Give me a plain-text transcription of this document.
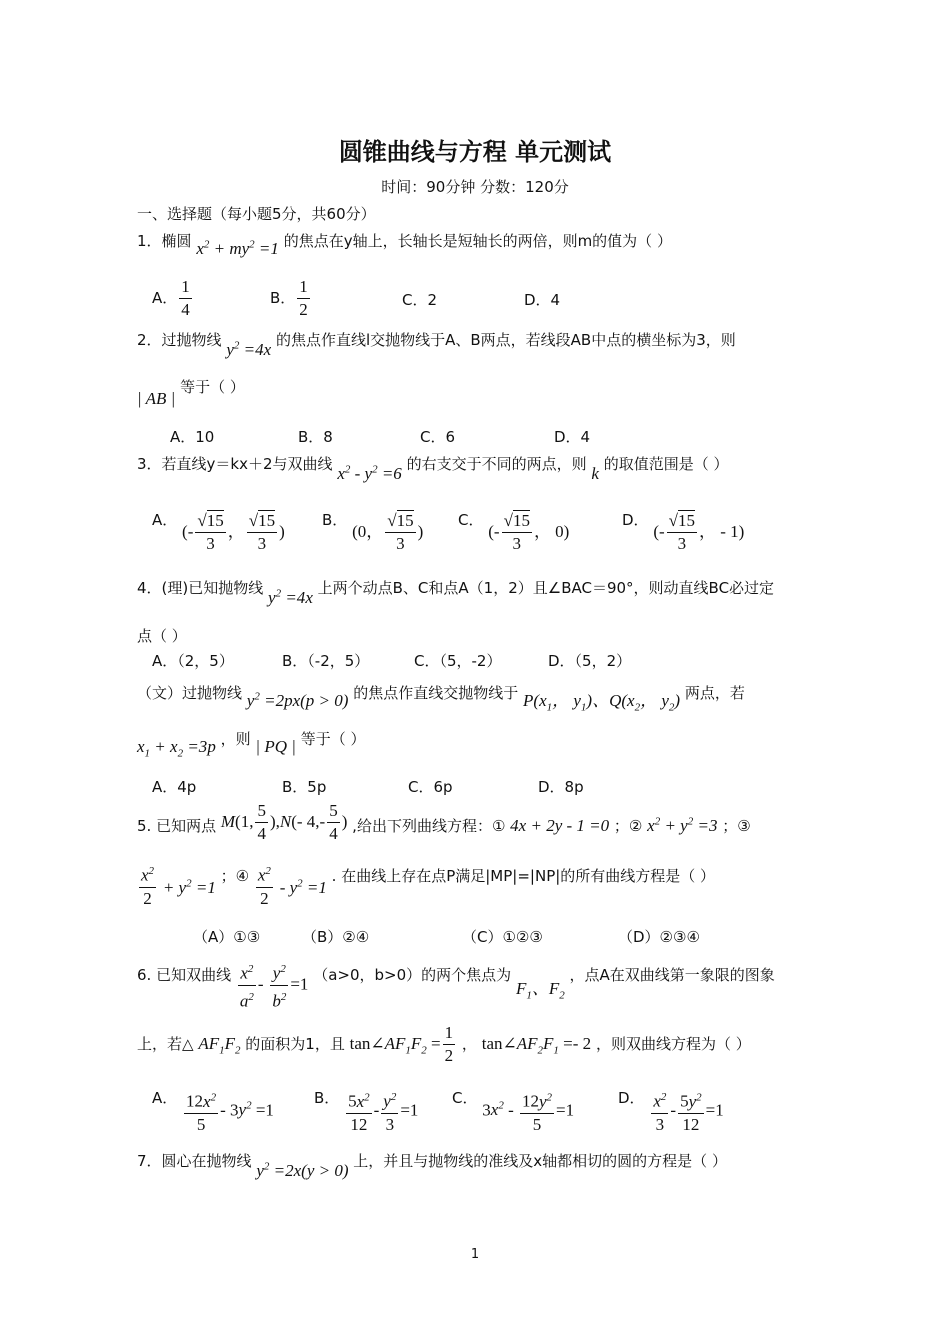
圆锥曲线与方程 单元测试
时间：90分钟 分数：120分
一、选择题（每小题5分，共60分）
1．椭圆 $x^2 + my^2 =1$ 的焦点在y轴上，长轴长是短轴长的两倍，则m的值为（ ）
A． $\frac{1}{4}$	B． $\frac{1}{2}$	C．2	D．4
2．过抛物线 $y^2 =4x$ 的焦点作直线l交抛物线于A、B两点，若线段AB中点的横坐标为3，则
| AB | 等于（ ）
A．10	B．8	C．6	D．4
3．若直线y＝kx＋2与双曲线 $x^2 - y^2 =6$ 的右支交于不同的两点，则 k 的取值范围是（ ）
A． (- $\frac{√15}{3}$ ， $\frac{√15}{3}$ )
B． (0， $\frac{√15}{3}$ )
C． (- $\frac{√15}{3}$ ， 0)
D． (- $\frac{√15}{3}$ ， - 1)
4．(理)已知抛物线 $y^2 =4x$ 上两个动点B、C和点A（1，2）且∠BAC＝90°，则动直线BC必过定
点（ ）
A．（2，5）	B．（-2，5）	C．（5，-2）	D．（5，2）
（文）过抛物线 $y^2 =2px(p > 0)$ 的焦点作直线交抛物线于 $P(x_1$， $y_1$)、$Q(x_2$， $y_2$) 两点，若
$x_1 + x_2 =3p$ ，则 | PQ | 等于（ ）
A．4p	B．5p	C．6p	D．8p
5. 已知两点 M(1, $\frac{5}{4} ),N(-$ $4,- \frac{5}{4}$ ) ,给出下列曲线方程：① 4x + 2y - 1 =0 ；② $x^2 + y^2 =3$ ；③
$\frac{x^2}{2} + y^2 =1$ ；④ $\frac{x^2}{2} - y^2 =1$ . 在曲线上存在点P满足|MP|=|NP|的所有曲线方程是（ ）
（A）①③	（B）②④	（C）①②③	（D）②③④
6. 已知双曲线 $\frac{x^2}{a^2} - \frac{y^2}{b^2} =1$ （a>0，b>0）的两个焦点为 $F_1$、$F_2$ ，点A在双曲线第一象限的图象
上，若△ $AF_1F_2$ 的面积为1，且 $\tan\angle AF_1F_2 = \frac{1}{2}$ ， $\tan\angle AF_2F_1 =- 2$ ，则双曲线方程为（ ）
A． $\frac{12x^2}{5} - 3y^2 =1$
B． $\frac{5x^2}{12} - \frac{y^2}{3} =1$
C． $3x^2 - \frac{12y^2}{5} =1$
D． $\frac{x^2}{3} - \frac{5y^2}{12} =1$
7．圆心在抛物线 $y^2 =2x(y > 0)$ 上，并且与抛物线的准线及x轴都相切的圆的方程是（ ）
1
